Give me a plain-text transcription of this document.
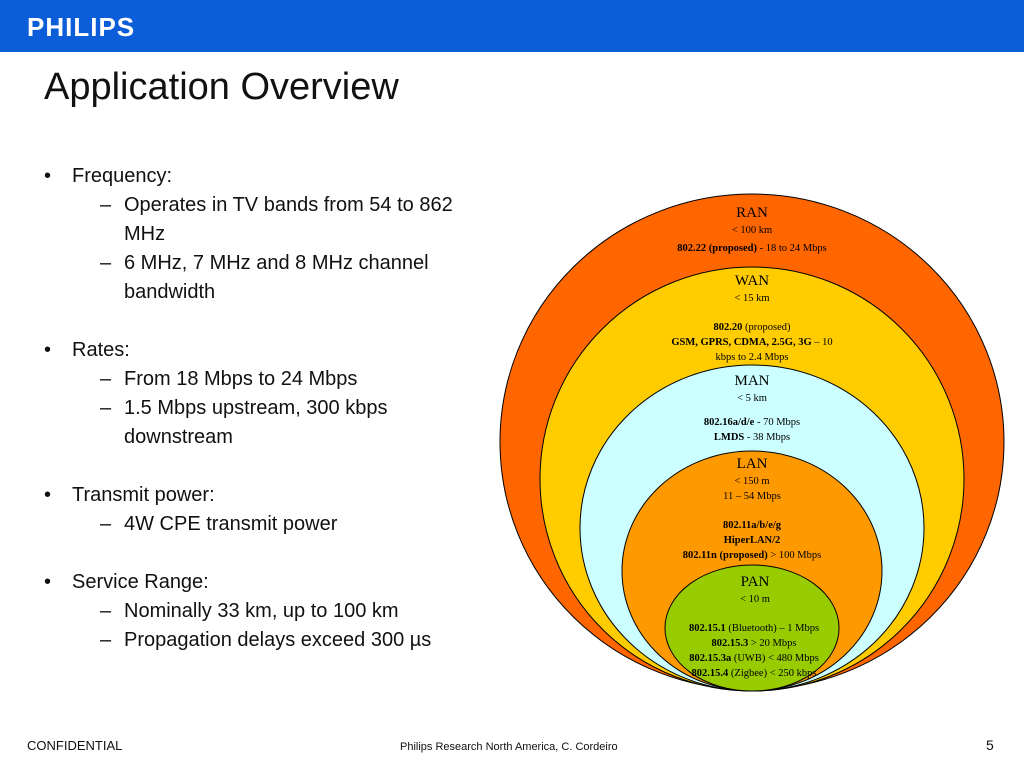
PHILIPS
Application Overview
• Frequency:
– Operates in TV bands from 54 to 862
MHz
– 6 MHz, 7 MHz and 8 MHz channel
bandwidth
• Rates:
– From 18 Mbps to 24 Mbps
– 1.5 Mbps upstream, 300 kbps
downstream
• Transmit power:
– 4W CPE transmit power
• Service Range:
– Nominally 33 km, up to 100 km
– Propagation delays exceed 300 µs
RAN
< 100 km
802.22 (proposed) - 18 to 24 Mbps
WAN
< 15 km
802.20 (proposed)
GSM, GPRS, CDMA, 2.5G, 3G – 10
kbps to 2.4 Mbps
MAN
< 5 km
802.16a/d/e - 70 Mbps
LMDS - 38 Mbps
LAN
< 150 m
11 – 54 Mbps
802.11a/b/e/g
HiperLAN/2
802.11n (proposed) > 100 Mbps
PAN
< 10 m
802.15.1 (Bluetooth) – 1 Mbps
802.15.3 > 20 Mbps
802.15.3a (UWB) < 480 Mbps
802.15.4 (Zigbee) < 250 kbps
CONFIDENTIAL	Philips Research North America, C. Cordeiro	5
